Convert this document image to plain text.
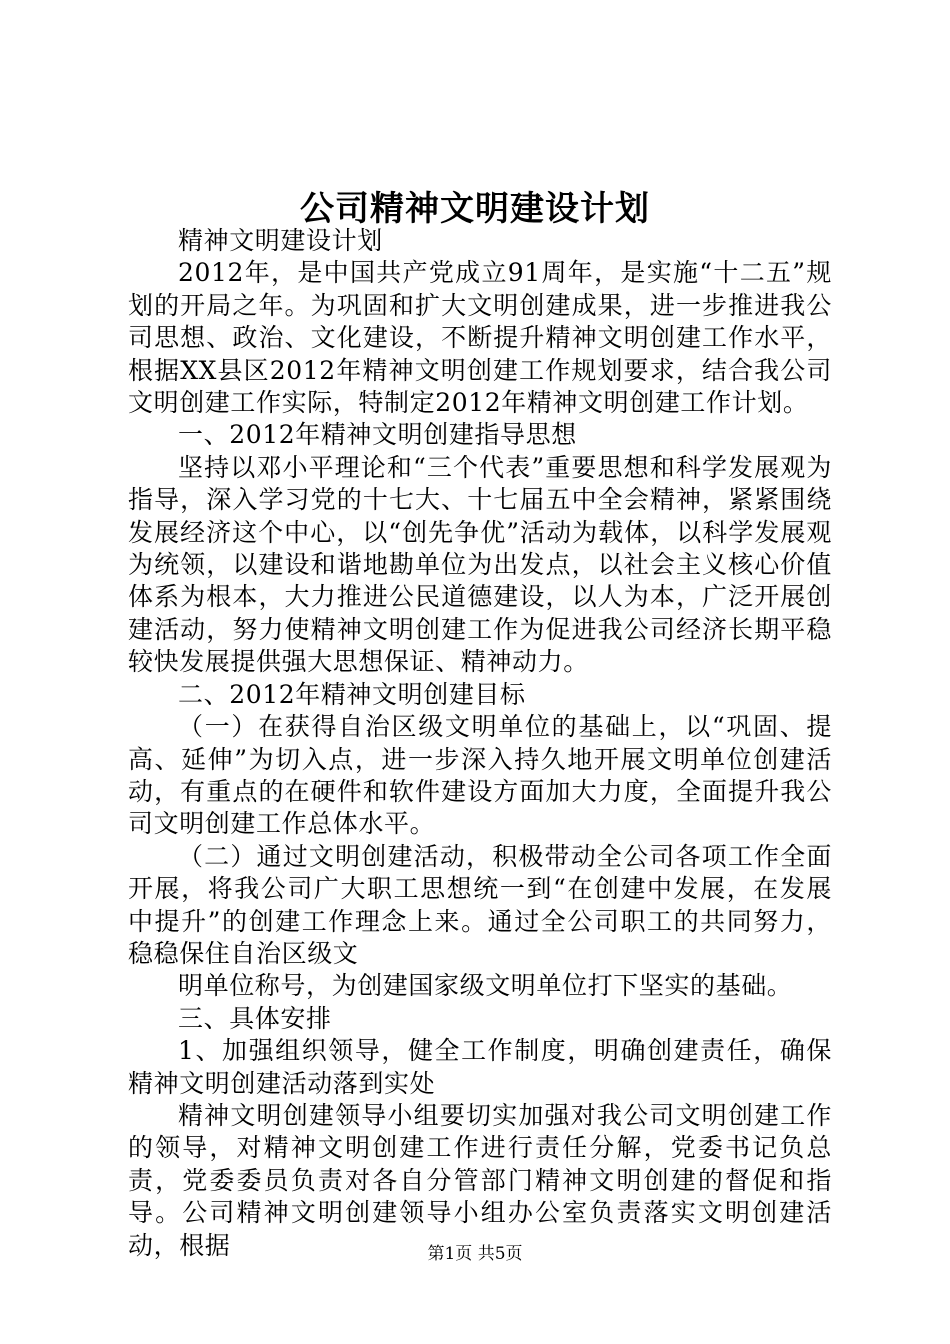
公司精神文明建设计划

精神文明建设计划

2012年，是中国共产党成立91周年，是实施“十二五”规划的开局之年。为巩固和扩大文明创建成果，进一步推进我公司思想、政治、文化建设，不断提升精神文明创建工作水平，根据XX县区2012年精神文明创建工作规划要求，结合我公司文明创建工作实际，特制定2012年精神文明创建工作计划。

一、2012年精神文明创建指导思想

坚持以邓小平理论和“三个代表”重要思想和科学发展观为指导，深入学习党的十七大、十七届五中全会精神，紧紧围绕发展经济这个中心，以“创先争优”活动为载体，以科学发展观为统领，以建设和谐地勘单位为出发点，以社会主义核心价值体系为根本，大力推进公民道德建设，以人为本，广泛开展创建活动，努力使精神文明创建工作为促进我公司经济长期平稳较快发展提供强大思想保证、精神动力。

二、2012年精神文明创建目标

（一）在获得自治区级文明单位的基础上，以“巩固、提高、延伸”为切入点，进一步深入持久地开展文明单位创建活动，有重点的在硬件和软件建设方面加大力度，全面提升我公司文明创建工作总体水平。

（二）通过文明创建活动，积极带动全公司各项工作全面开展，将我公司广大职工思想统一到“在创建中发展，在发展中提升”的创建工作理念上来。通过全公司职工的共同努力，稳稳保住自治区级文

明单位称号，为创建国家级文明单位打下坚实的基础。

三、具体安排

1、加强组织领导，健全工作制度，明确创建责任，确保精神文明创建活动落到实处

精神文明创建领导小组要切实加强对我公司文明创建工作的领导，对精神文明创建工作进行责任分解，党委书记负总责，党委委员负责对各自分管部门精神文明创建的督促和指导。公司精神文明创建领导小组办公室负责落实文明创建活动，根据	第1页 共5页
